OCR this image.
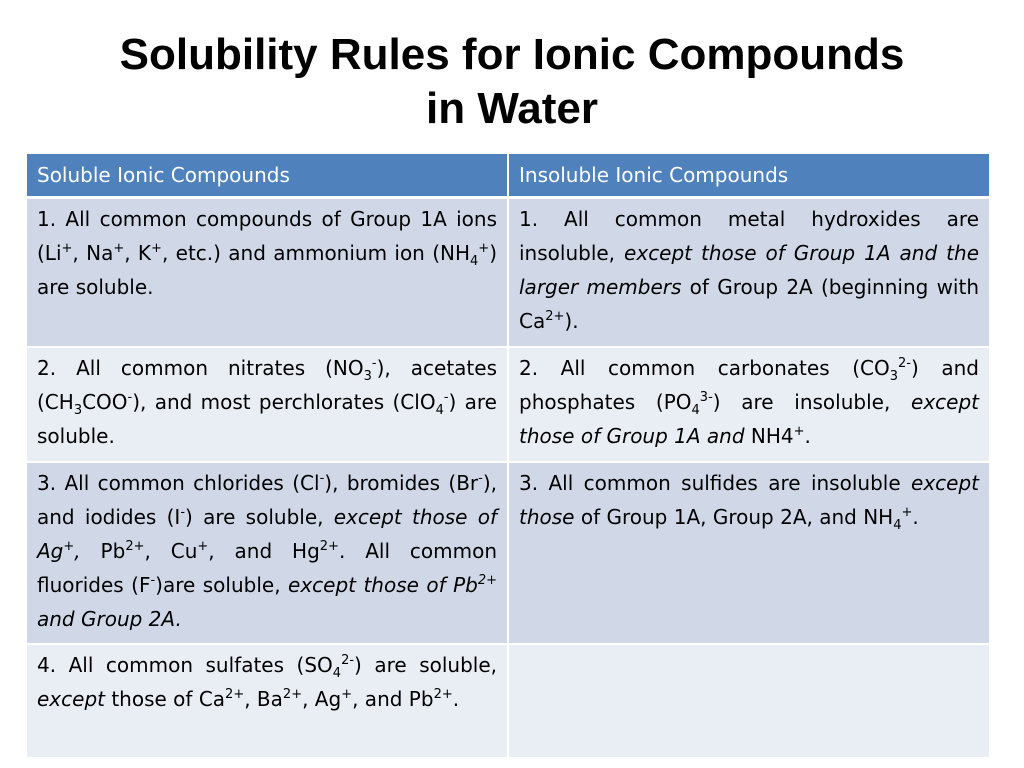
Solubility Rules for Ionic Compounds
in Water
Soluble Ionic Compounds	Insoluble Ionic Compounds
1. All common compounds of Group 1A ions (Li+, Na+, K+, etc.) and ammonium ion $(NH_4^+)$ are soluble.	1. All common metal hydroxides are insoluble, except those of Group 1A and the larger members of Group 2A (beginning with $Ca^{2+}$).
2. All common nitrates $(NO_3^-)$, acetates $(CH_3COO^-)$, and most perchlorates (ClO$_4$-) are soluble.	2. All common carbonates $(CO_3^{2-})$ and phosphates $(PO_4^{3-})$ are insoluble, except those of Group 1A and NH4+.
3. All common chlorides (Cl-), bromides (Br-), and iodides (I-) are soluble, except those of Ag+, $Pb^{2+}$, Cu+, and $Hg^{2+}$. All common fluorides (F-)are soluble, except those of $Pb^{2+}$ and Group 2A.	3. All common sulfides are insoluble except those of Group 1A, Group 2A, and $NH_4^+$.
4. All common sulfates $(SO_4^{2-})$ are soluble, except those of $Ca^{2+}$, $Ba^{2+}$, Ag+, and $Pb^{2+}$.	
